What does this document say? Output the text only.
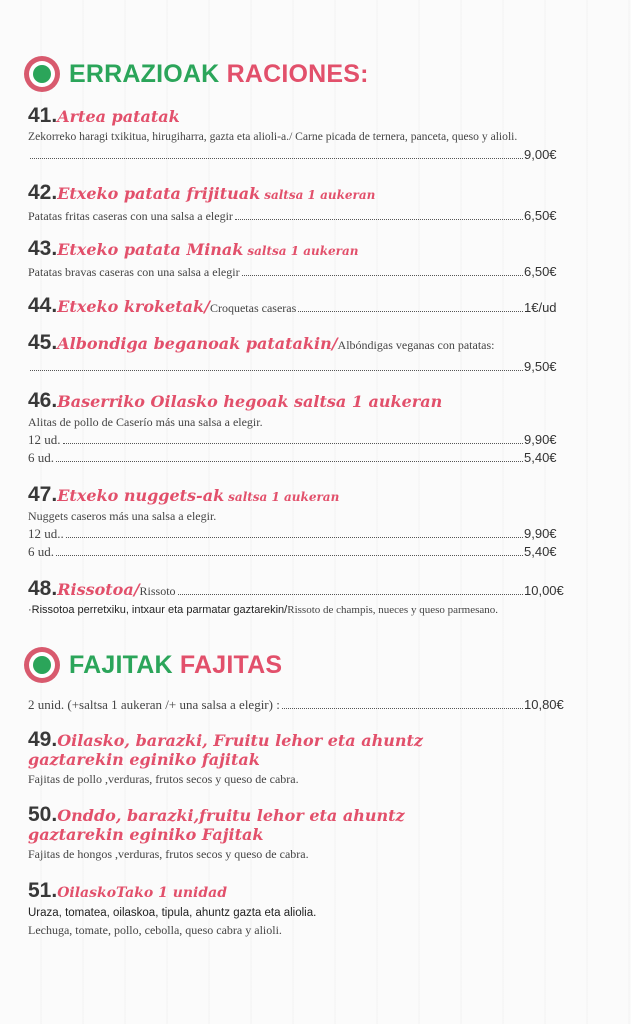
ERRAZIOAK RACIONES:
41. Artea patatak
Zekorreko haragi txikitua, hirugiharra, gazta eta alioli-a./ Carne picada de ternera, panceta, queso y alioli.
9,00€
42. Etxeko patata frijituak
saltsa 1 aukeran
Patatas fritas caseras con una salsa a elegir	6,50€
43. Etxeko patata Minak
saltsa 1 aukeran
Patatas bravas caseras con una salsa a elegir	6,50€
44. Etxeko kroketak/ Croquetas caseras	1€/ud
45. Albondiga beganoak patatakin/ Albóndigas veganas con patatas:
9,50€
46. Baserriko Oilasko hegoak saltsa 1 aukeran
Alitas de pollo de Caserío más una salsa a elegir.
12 ud.	9,90€
6 ud.	5,40€
47. Etxeko nuggets-ak
saltsa 1 aukeran
Nuggets caseros más una salsa a elegir.
12 ud..	9,90€
6 ud.	5,40€
48. Rissotoa/ Rissoto	10,00€
·Rissotoa perretxiku, intxaur eta parmatar gaztarekin/ Rissoto de champis, nueces y queso parmesano.
FAJITAK FAJITAS
2 unid. (+saltsa 1 aukeran /+ una salsa a elegir) :	10,80€
49. Oilasko, barazki, Fruitu lehor eta ahuntz
gaztarekin eginiko fajitak
Fajitas de pollo ,verduras, frutos secos y queso de cabra.
50. Onddo, barazki,fruitu lehor eta ahuntz
gaztarekin eginiko Fajitak
Fajitas de hongos ,verduras, frutos secos y queso de cabra.
51. OilaskoTako 1 unidad
Uraza, tomatea, oilaskoa, tipula, ahuntz gazta eta alioli​a.
Lechuga, tomate, pollo, cebolla, queso cabra y alioli.
